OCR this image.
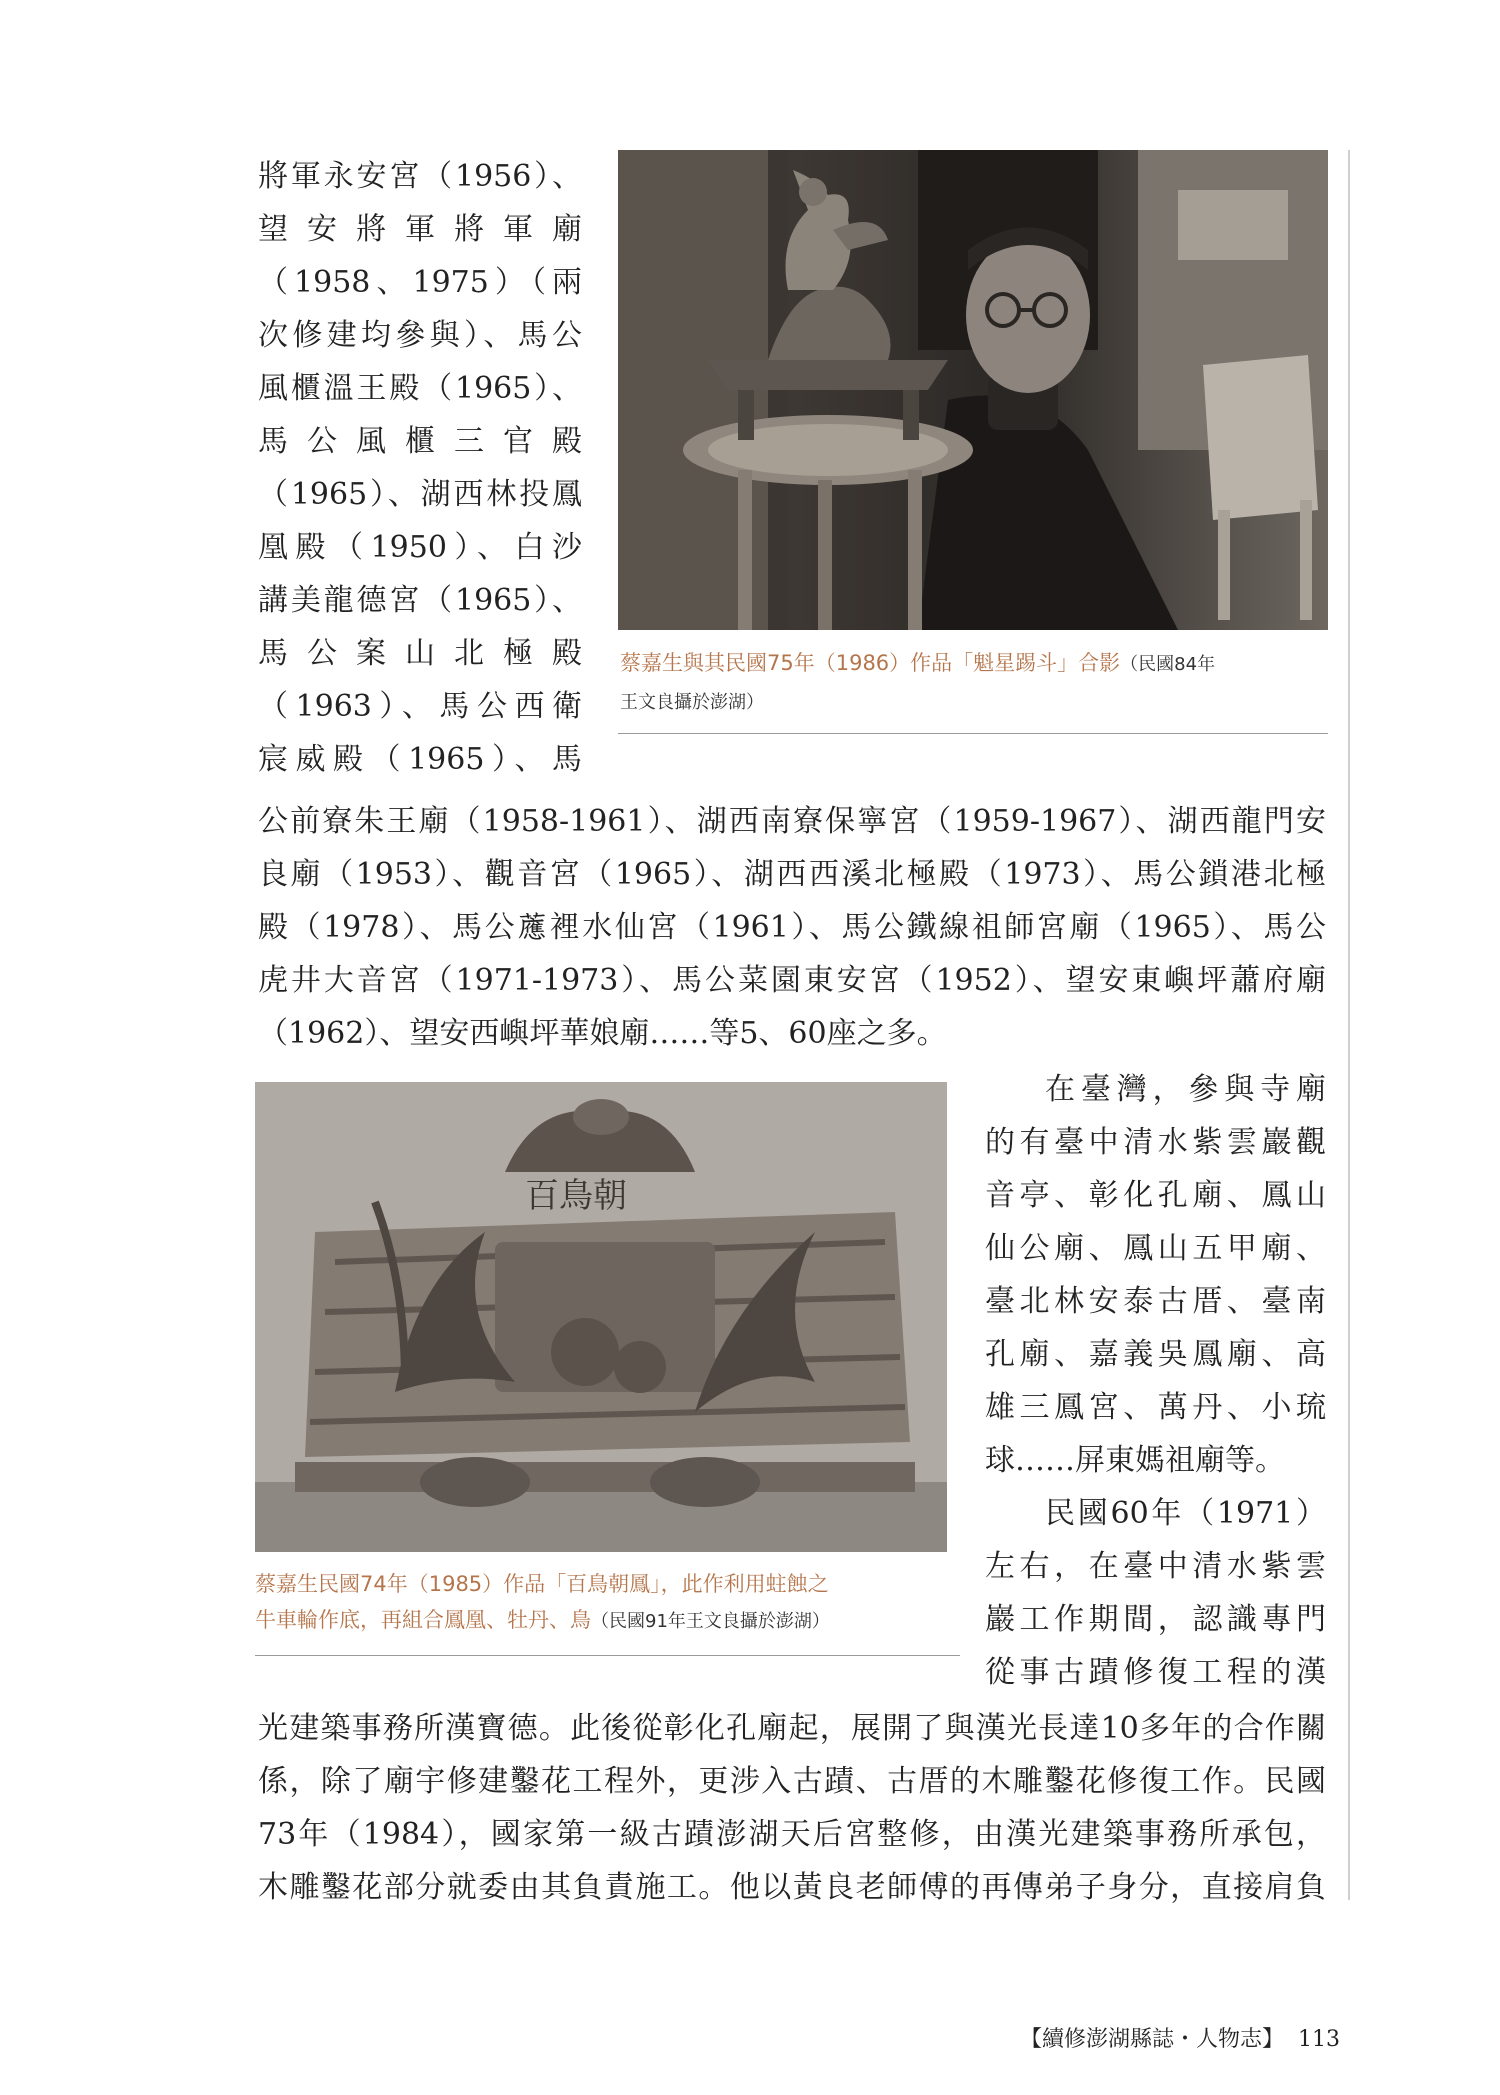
將軍永安宮（1956）、
望安將軍將軍廟
（1958、1975）（兩
次修建均參與）、馬公
風櫃溫王殿（1965）、
馬公風櫃三官殿
（1965）、湖西林投鳳
凰殿（1950）、白沙
講美龍德宮（1965）、
馬公案山北極殿
（1963）、馬公西衛
宸威殿（1965）、馬

蔡嘉生與其民國75年（1986）作品「魁星踢斗」合影（民國84年
王文良攝於澎湖）

公前寮朱王廟（1958-1961）、湖西南寮保寧宮（1959-1967）、湖西龍門安
良廟（1953）、觀音宮（1965）、湖西西溪北極殿（1973）、馬公鎖港北極
殿（1978）、馬公𧃽裡水仙宮（1961）、馬公鐵線祖師宮廟（1965）、馬公
虎井大音宮（1971-1973）、馬公菜園東安宮（1952）、望安東嶼坪蕭府廟
（1962）、望安西嶼坪華娘廟……等5、60座之多。
百鳥朝

蔡嘉生民國74年（1985）作品「百鳥朝鳳」，此作利用蛀蝕之
牛車輪作底，再組合鳳凰、牡丹、鳥（民國91年王文良攝於澎湖）

在臺灣，參與寺廟
的有臺中清水紫雲巖觀
音亭、彰化孔廟、鳳山
仙公廟、鳳山五甲廟、
臺北林安泰古厝、臺南
孔廟、嘉義吳鳳廟、高
雄三鳳宮、萬丹、小琉
球……屏東媽祖廟等。
民國60年（1971）
左右，在臺中清水紫雲
巖工作期間，認識專門
從事古蹟修復工程的漢
光建築事務所漢寶德。此後從彰化孔廟起，展開了與漢光長達10多年的合作關
係，除了廟宇修建鑿花工程外，更涉入古蹟、古厝的木雕鑿花修復工作。民國
73年（1984），國家第一級古蹟澎湖天后宮整修，由漢光建築事務所承包，
木雕鑿花部分就委由其負責施工。他以黃良老師傅的再傳弟子身分，直接肩負
【續修澎湖縣誌・人物志】 113
